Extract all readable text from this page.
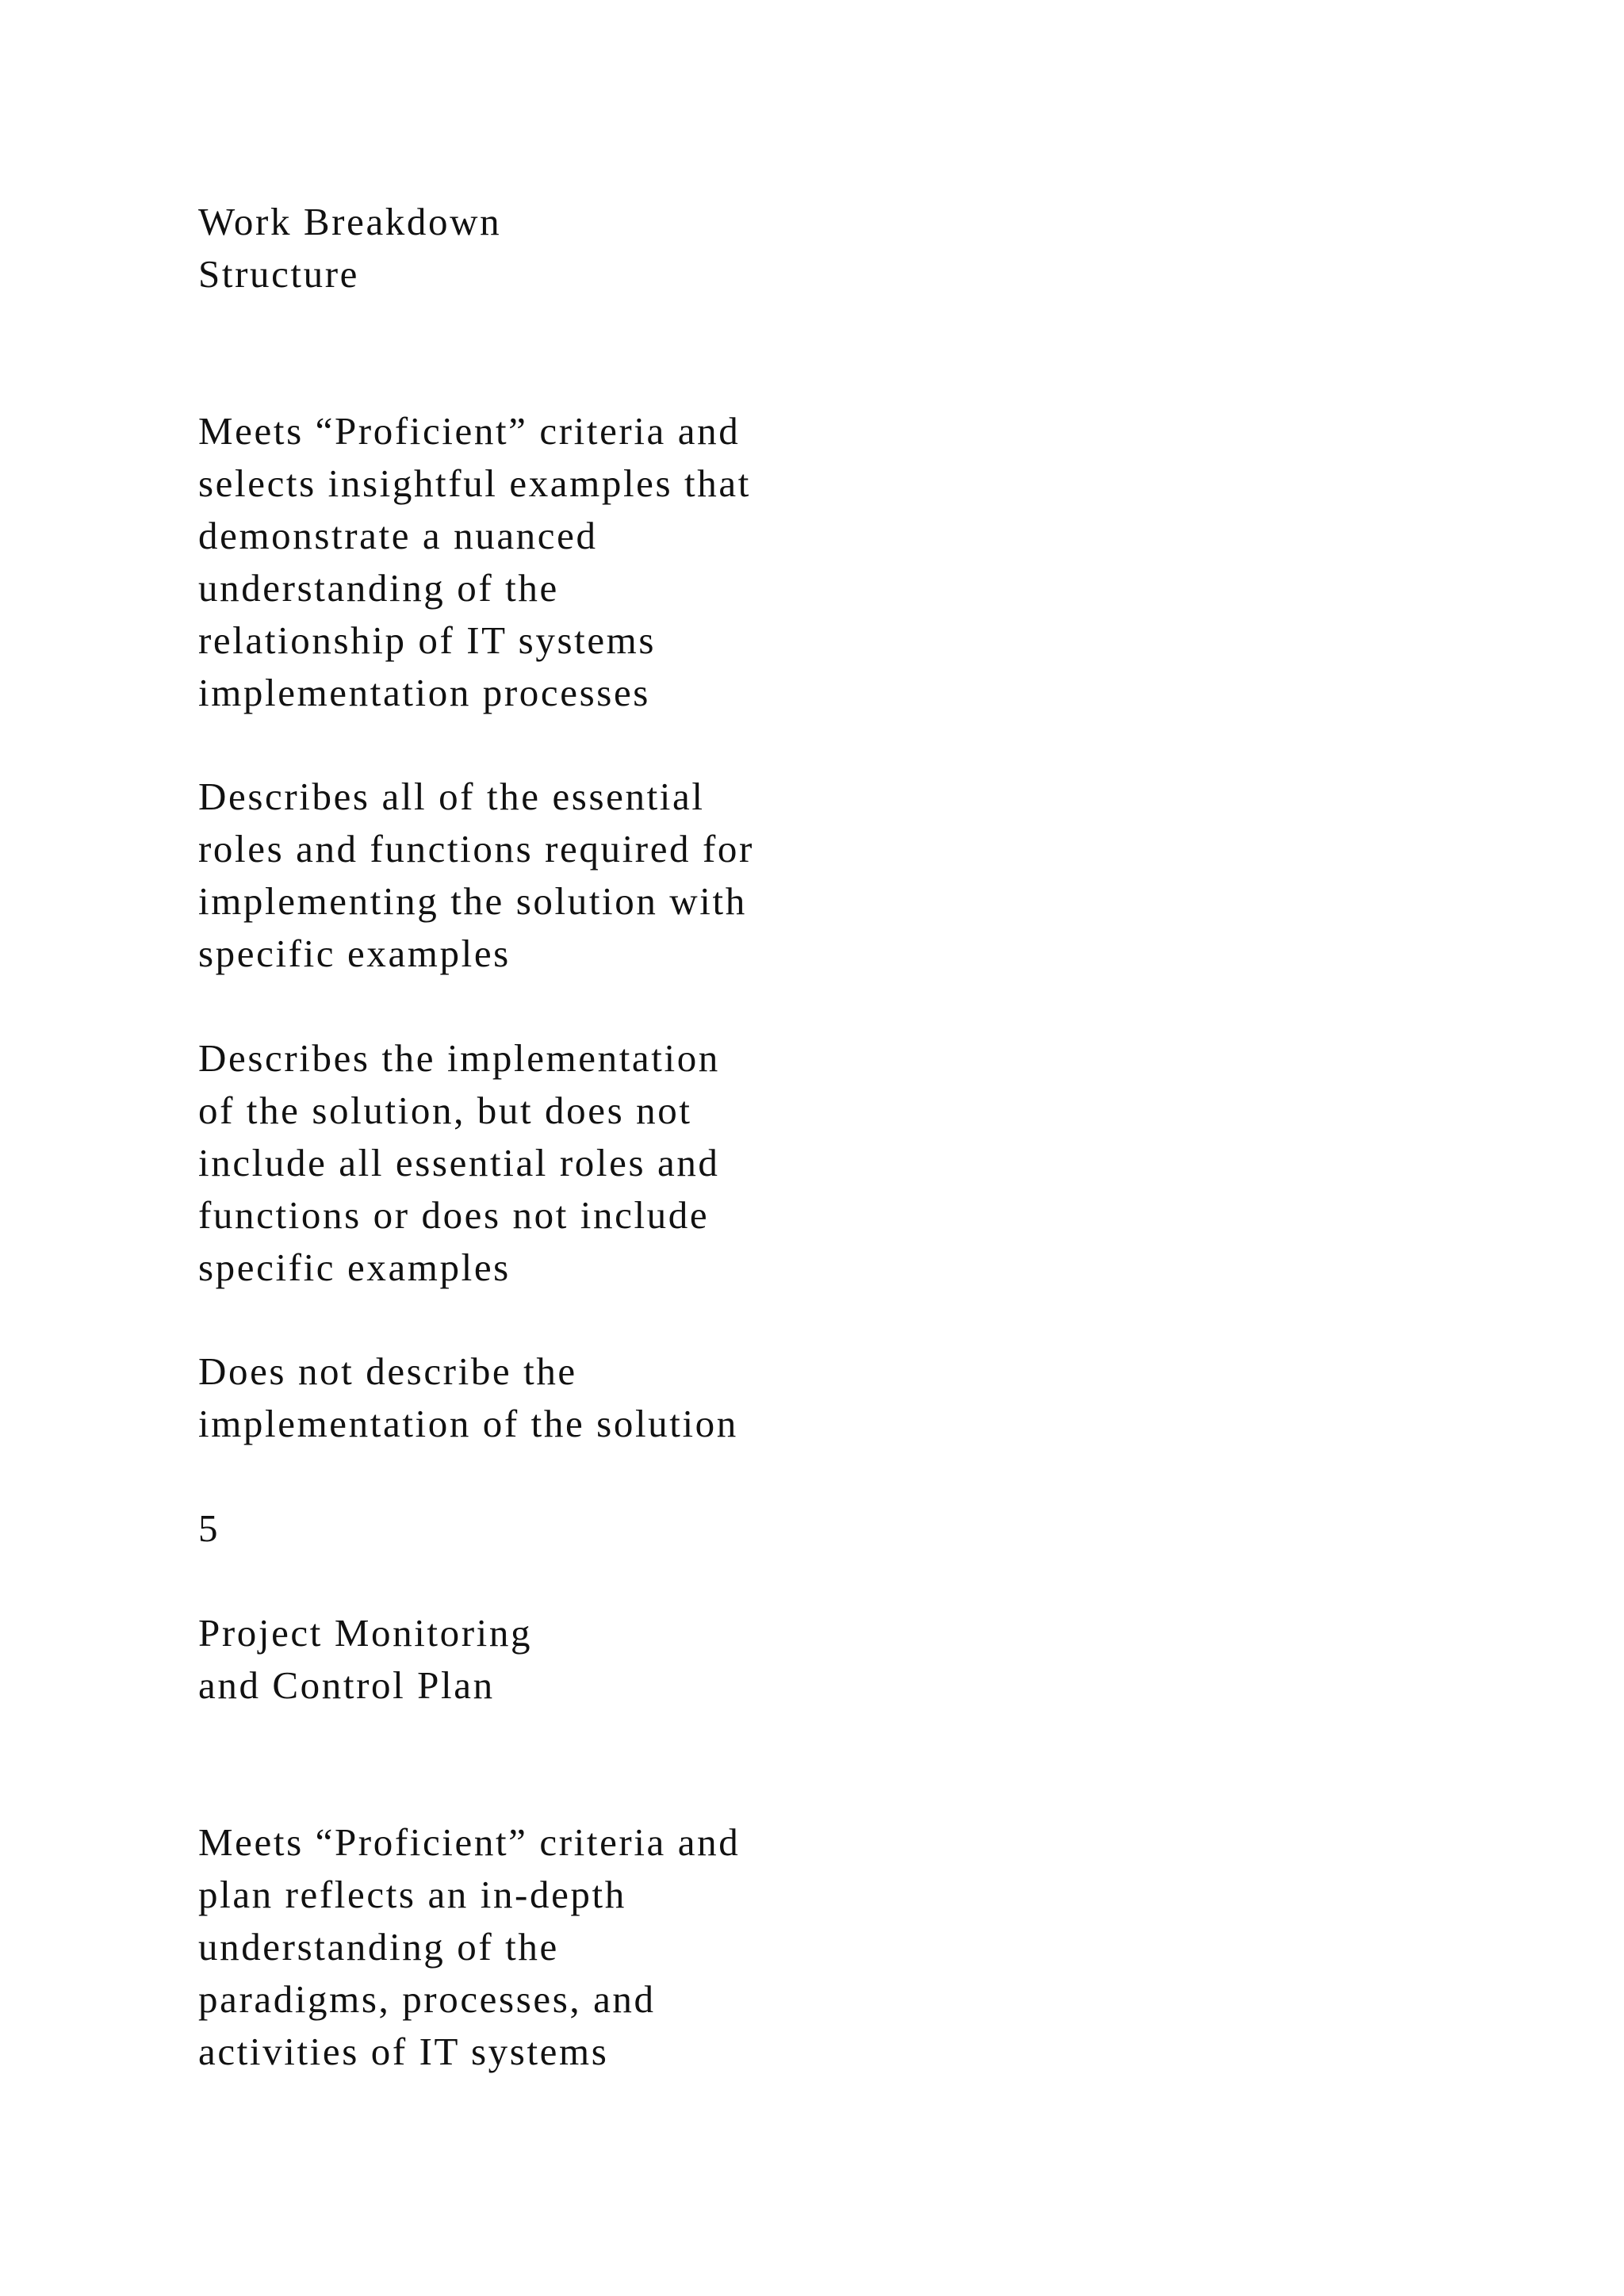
Work Breakdown
Structure

Meets “Proficient” criteria and
selects insightful examples that
demonstrate a nuanced
understanding of the
relationship of IT systems
implementation processes

Describes all of the essential
roles and functions required for
implementing the solution with
specific examples

Describes the implementation
of the solution, but does not
include all essential roles and
functions or does not include
specific examples

Does not describe the
implementation of the solution

5

Project Monitoring
and Control Plan

Meets “Proficient” criteria and
plan reflects an in-depth
understanding of the
paradigms, processes, and
activities of IT systems
